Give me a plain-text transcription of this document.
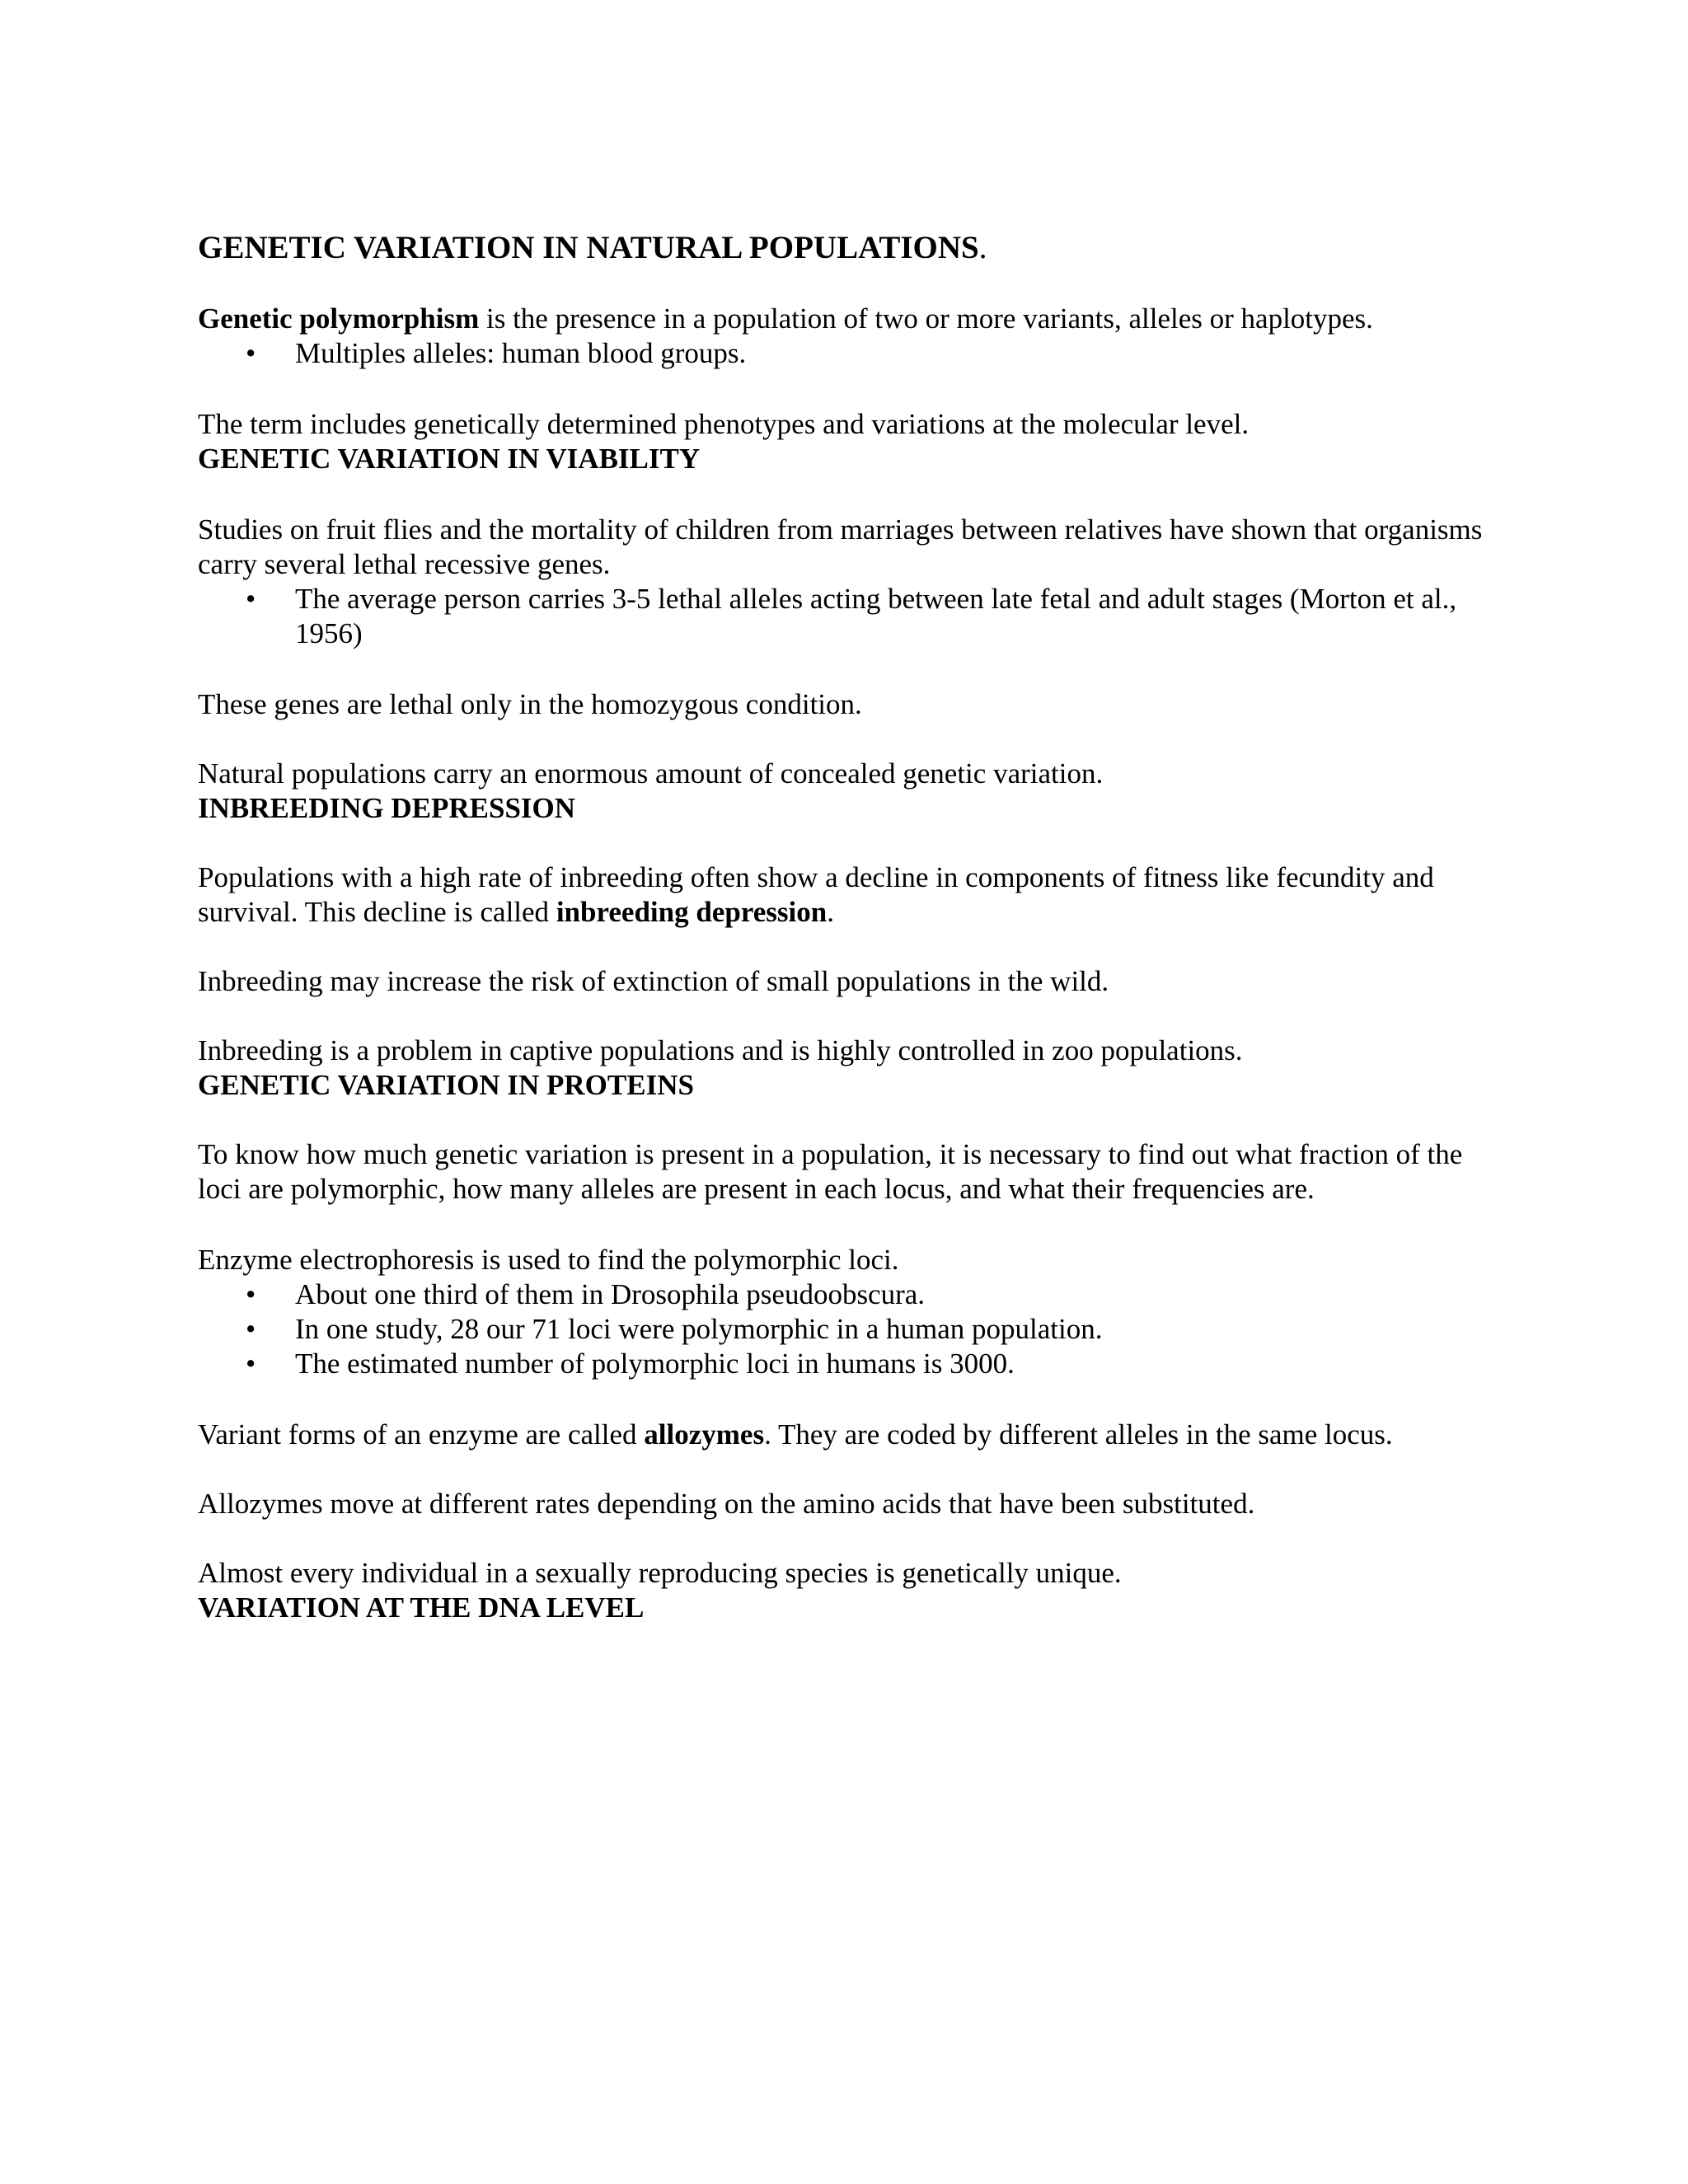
GENETIC VARIATION IN NATURAL POPULATIONS.

Genetic polymorphism is the presence in a population of two or more variants, alleles or haplotypes.

• Multiples alleles: human blood groups.

The term includes genetically determined phenotypes and variations at the molecular level.

GENETIC VARIATION IN VIABILITY

Studies on fruit flies and the mortality of children from marriages between relatives have shown that organisms carry several lethal recessive genes.

• The average person carries 3-5 lethal alleles acting between late fetal and adult stages (Morton et al., 1956)

These genes are lethal only in the homozygous condition.

Natural populations carry an enormous amount of concealed genetic variation.

INBREEDING DEPRESSION

Populations with a high rate of inbreeding often show a decline in components of fitness like fecundity and survival. This decline is called inbreeding depression.

Inbreeding may increase the risk of extinction of small populations in the wild.

Inbreeding is a problem in captive populations and is highly controlled in zoo populations.

GENETIC VARIATION IN PROTEINS

To know how much genetic variation is present in a population, it is necessary to find out what fraction of the loci are polymorphic, how many alleles are present in each locus, and what their frequencies are.

Enzyme electrophoresis is used to find the polymorphic loci.

• About one third of them in Drosophila pseudoobscura.
• In one study, 28 our 71 loci were polymorphic in a human population.
• The estimated number of polymorphic loci in humans is 3000.

Variant forms of an enzyme are called allozymes. They are coded by different alleles in the same locus.

Allozymes move at different rates depending on the amino acids that have been substituted.

Almost every individual in a sexually reproducing species is genetically unique.

VARIATION AT THE DNA LEVEL
